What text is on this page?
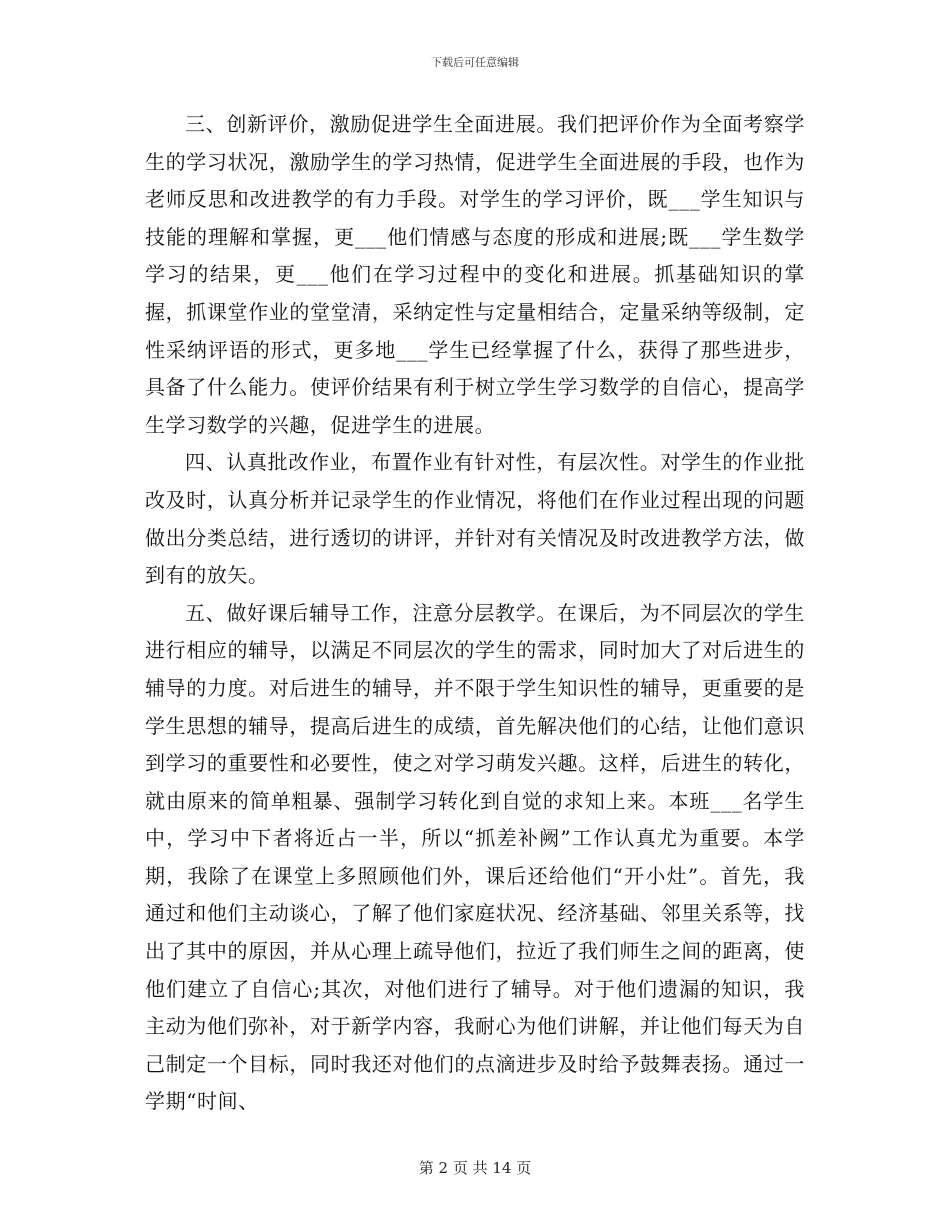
下载后可任意编辑

三、创新评价，激励促进学生全面进展。我们把评价作为全面考察学生的学习状况，激励学生的学习热情，促进学生全面进展的手段，也作为老师反思和改进教学的有力手段。对学生的学习评价，既___学生知识与技能的理解和掌握，更___他们情感与态度的形成和进展;既___学生数学学习的结果，更___他们在学习过程中的变化和进展。抓基础知识的掌握，抓课堂作业的堂堂清，采纳定性与定量相结合，定量采纳等级制，定性采纳评语的形式，更多地___学生已经掌握了什么，获得了那些进步，具备了什么能力。使评价结果有利于树立学生学习数学的自信心，提高学生学习数学的兴趣，促进学生的进展。

四、认真批改作业，布置作业有针对性，有层次性。对学生的作业批改及时，认真分析并记录学生的作业情况，将他们在作业过程出现的问题做出分类总结，进行透切的讲评，并针对有关情况及时改进教学方法，做到有的放矢。

五、做好课后辅导工作，注意分层教学。在课后，为不同层次的学生进行相应的辅导，以满足不同层次的学生的需求，同时加大了对后进生的辅导的力度。对后进生的辅导，并不限于学生知识性的辅导，更重要的是学生思想的辅导，提高后进生的成绩，首先解决他们的心结，让他们意识到学习的重要性和必要性，使之对学习萌发兴趣。这样，后进生的转化，就由原来的简单粗暴、强制学习转化到自觉的求知上来。本班___名学生中，学习中下者将近占一半，所以“抓差补阙”工作认真尤为重要。本学期，我除了在课堂上多照顾他们外，课后还给他们“开小灶”。首先，我通过和他们主动谈心，了解了他们家庭状况、经济基础、邻里关系等，找出了其中的原因，并从心理上疏导他们，拉近了我们师生之间的距离，使他们建立了自信心;其次，对他们进行了辅导。对于他们遗漏的知识，我主动为他们弥补，对于新学内容，我耐心为他们讲解，并让他们每天为自己制定一个目标，同时我还对他们的点滴进步及时给予鼓舞表扬。通过一学期“时间、

第 2 页 共 14 页
